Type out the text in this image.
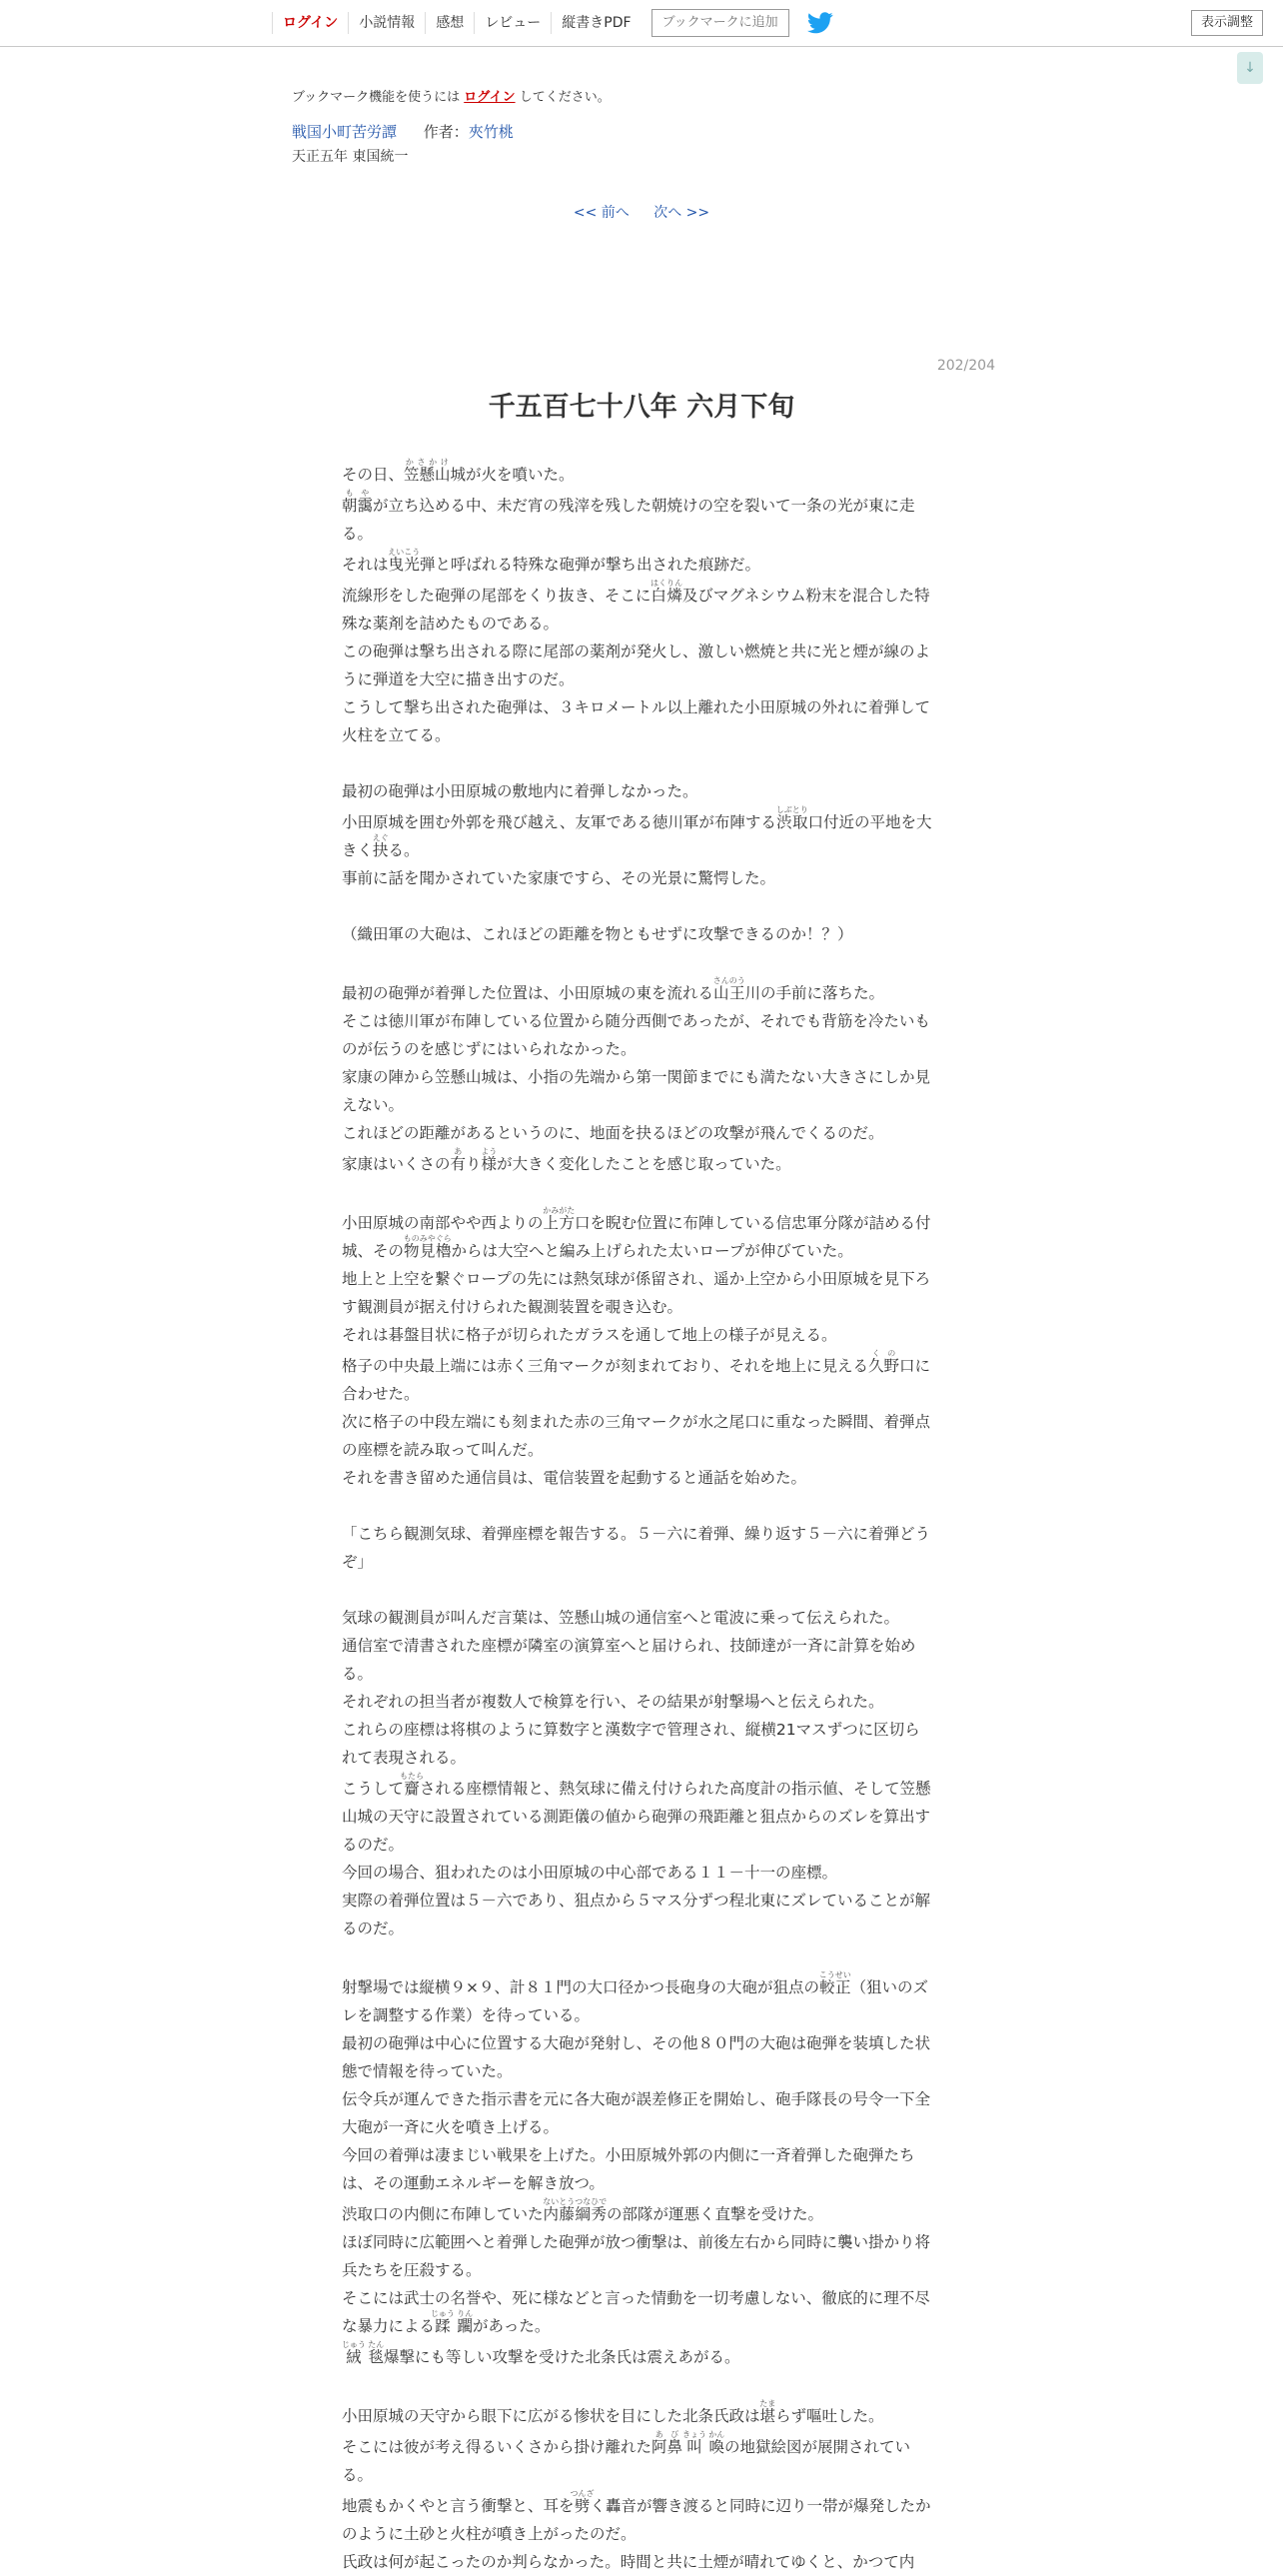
ログイン	小説情報	感想	レビュー	縦書きPDF	ブックマークに追加	表示調整
↓
ブックマーク機能を使うには ログイン してください。
戦国小町苦労譚 作者：夾竹桃
天正五年 東国統一
<< 前へ 次へ >>
202/204
千五百七十八年 六月下旬

その日、笠懸山かさかけ城が火を噴いた。

朝靄もやが立ち込める中、未だ宵の残滓を残した朝焼けの空を裂いて一条の光が東に走る。

それは曳光えいこう弾と呼ばれる特殊な砲弾が撃ち出された痕跡だ。

流線形をした砲弾の尾部をくり抜き、そこに白燐はくりん及びマグネシウム粉末を混合した特殊な薬剤を詰めたものである。

この砲弾は撃ち出される際に尾部の薬剤が発火し、激しい燃焼と共に光と煙が線のように弾道を大空に描き出すのだ。

こうして撃ち出された砲弾は、３キロメートル以上離れた小田原城の外れに着弾して火柱を立てる。

最初の砲弾は小田原城の敷地内に着弾しなかった。

小田原城を囲む外郭を飛び越え、友軍である徳川軍が布陣する渋取しぶとり口付近の平地を大きく抉えぐる。

事前に話を聞かされていた家康ですら、その光景に驚愕した。

（織田軍の大砲は、これほどの距離を物ともせずに攻撃できるのか！？）

最初の砲弾が着弾した位置は、小田原城の東を流れる山王さんのう川の手前に落ちた。

そこは徳川軍が布陣している位置から随分西側であったが、それでも背筋を冷たいものが伝うのを感じずにはいられなかった。

家康の陣から笠懸山城は、小指の先端から第一関節までにも満たない大きさにしか見えない。

これほどの距離があるというのに、地面を抉るほどの攻撃が飛んでくるのだ。

家康はいくさの有あり様ようが大きく変化したことを感じ取っていた。

小田原城の南部やや西よりの上方かみがた口を睨む位置に布陣している信忠軍分隊が詰める付城、その物見櫓ものみやぐらからは大空へと編み上げられた太いロープが伸びていた。

地上と上空を繋ぐロープの先には熱気球が係留され、遥か上空から小田原城を見下ろす観測員が据え付けられた観測装置を覗き込む。

それは碁盤目状に格子が切られたガラスを通して地上の様子が見える。

格子の中央最上端には赤く三角マークが刻まれており、それを地上に見える久野くの口に合わせた。

次に格子の中段左端にも刻まれた赤の三角マークが水之尾口に重なった瞬間、着弾点の座標を読み取って叫んだ。

それを書き留めた通信員は、電信装置を起動すると通話を始めた。

「こちら観測気球、着弾座標を報告する。５－六に着弾、繰り返す５－六に着弾どうぞ」

気球の観測員が叫んだ言葉は、笠懸山城の通信室へと電波に乗って伝えられた。

通信室で清書された座標が隣室の演算室へと届けられ、技師達が一斉に計算を始める。

それぞれの担当者が複数人で検算を行い、その結果が射撃場へと伝えられた。

これらの座標は将棋のように算数字と漢数字で管理され、縦横21マスずつに区切られて表現される。

こうして齎もたらされる座標情報と、熱気球に備え付けられた高度計の指示値、そして笠懸山城の天守に設置されている測距儀の値から砲弾の飛距離と狙点からのズレを算出するのだ。

今回の場合、狙われたのは小田原城の中心部である１１－十一の座標。

実際の着弾位置は５－六であり、狙点から５マス分ずつ程北東にズレていることが解るのだ。

射撃場では縦横９×９、計８１門の大口径かつ長砲身の大砲が狙点の較正こうせい（狙いのズレを調整する作業）を待っている。

最初の砲弾は中心に位置する大砲が発射し、その他８０門の大砲は砲弾を装填した状態で情報を待っていた。

伝令兵が運んできた指示書を元に各大砲が誤差修正を開始し、砲手隊長の号令一下全大砲が一斉に火を噴き上げる。

今回の着弾は凄まじい戦果を上げた。小田原城外郭の内側に一斉着弾した砲弾たちは、その運動エネルギーを解き放つ。

渋取口の内側に布陣していた内藤綱秀ないとうつなひでの部隊が運悪く直撃を受けた。

ほぼ同時に広範囲へと着弾した砲弾が放つ衝撃は、前後左右から同時に襲い掛かり将兵たちを圧殺する。

そこには武士の名誉や、死に様などと言った情動を一切考慮しない、徹底的に理不尽な暴力による蹂じゅう 躙りんがあった。

絨じゅう 毯たん爆撃にも等しい攻撃を受けた北条氏は震えあがる。

小田原城の天守から眼下に広がる惨状を目にした北条氏政は堪たまらず嘔吐した。

そこには彼が考え得るいくさから掛け離れた阿あ鼻び叫きょう 喚かんの地獄絵図が展開されている。

地震もかくやと言う衝撃と、耳を劈つんざく轟音が響き渡ると同時に辺り一帯が爆発したかのように土砂と火柱が噴き上がったのだ。

氏政は何が起こったのか判らなかった。時間と共に土煙が晴れてゆくと、かつて内
